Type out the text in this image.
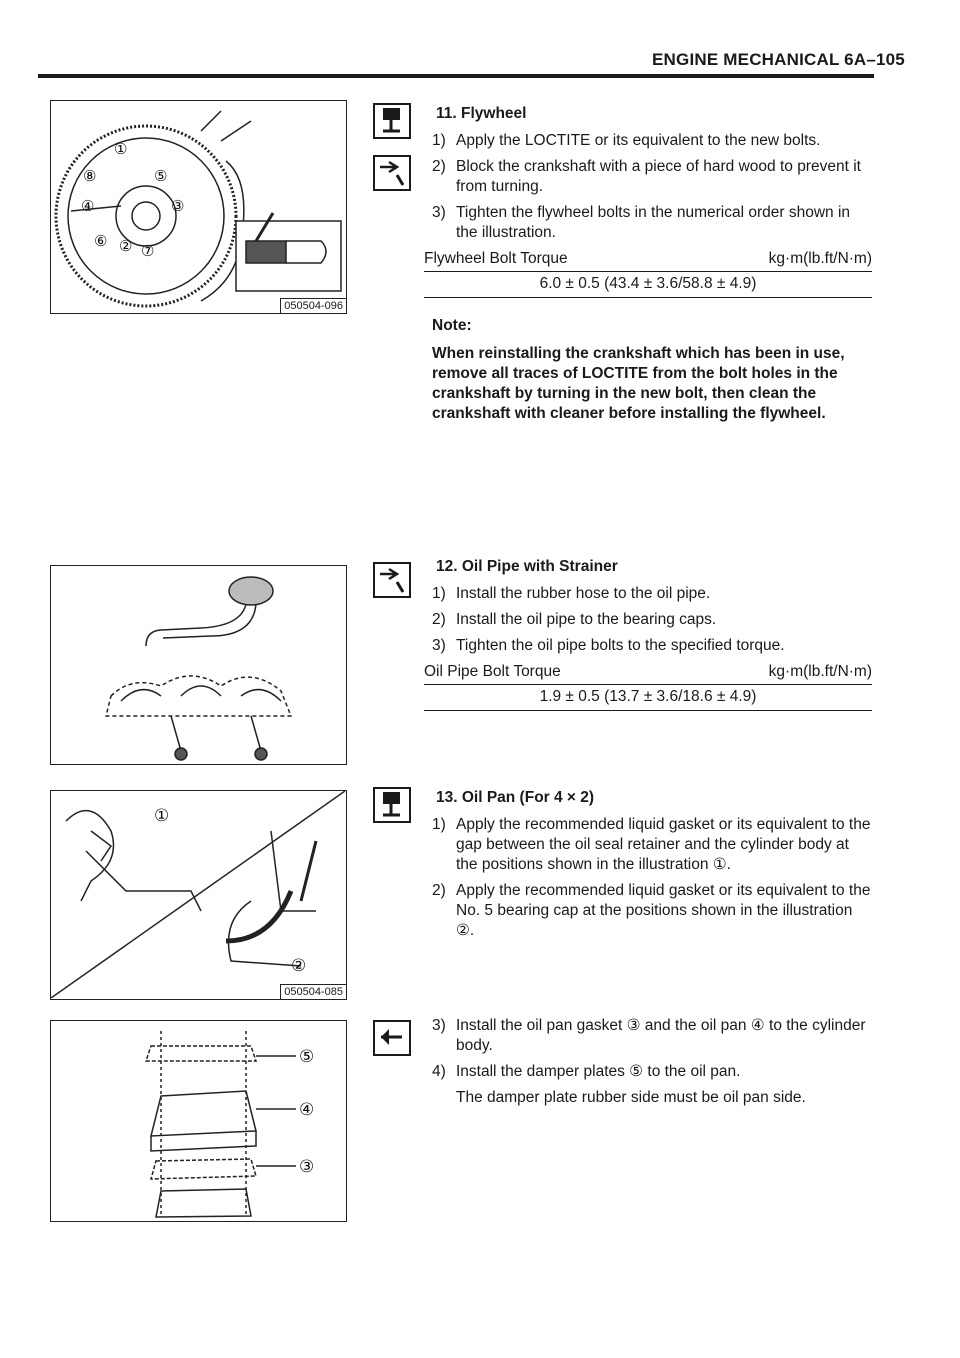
ENGINE MECHANICAL 6A–105
①
②
③
④
⑤
⑥
⑦
⑧
050504-096
①
②
050504-085
⑤
④
③
11. Flywheel
1) Apply the LOCTITE or its equivalent to the new bolts.
2) Block the crankshaft with a piece of hard wood to prevent it from turning.
3) Tighten the flywheel bolts in the numerical order shown in the illustration.
Flywheel Bolt Torque	kg·m(lb.ft/N·m)
6.0 ± 0.5 (43.4 ± 3.6/58.8 ± 4.9)
Note:
When reinstalling the crankshaft which has been in use, remove all traces of LOCTITE from the bolt holes in the crankshaft by turning in the new bolt, then clean the crankshaft with cleaner before installing the flywheel.
12. Oil Pipe with Strainer
1) Install the rubber hose to the oil pipe.
2) Install the oil pipe to the bearing caps.
3) Tighten the oil pipe bolts to the specified torque.
Oil Pipe Bolt Torque	kg·m(lb.ft/N·m)
1.9 ± 0.5 (13.7 ± 3.6/18.6 ± 4.9)
13. Oil Pan (For 4 × 2)
1) Apply the recommended liquid gasket or its equivalent to the gap between the oil seal retainer and the cylinder body at the positions shown in the illustration ①.
2) Apply the recommended liquid gasket or its equivalent to the No. 5 bearing cap at the positions shown in the illustration ②.
3) Install the oil pan gasket ③ and the oil pan ④ to the cylinder body.
4) Install the damper plates ⑤ to the oil pan.
The damper plate rubber side must be oil pan side.
